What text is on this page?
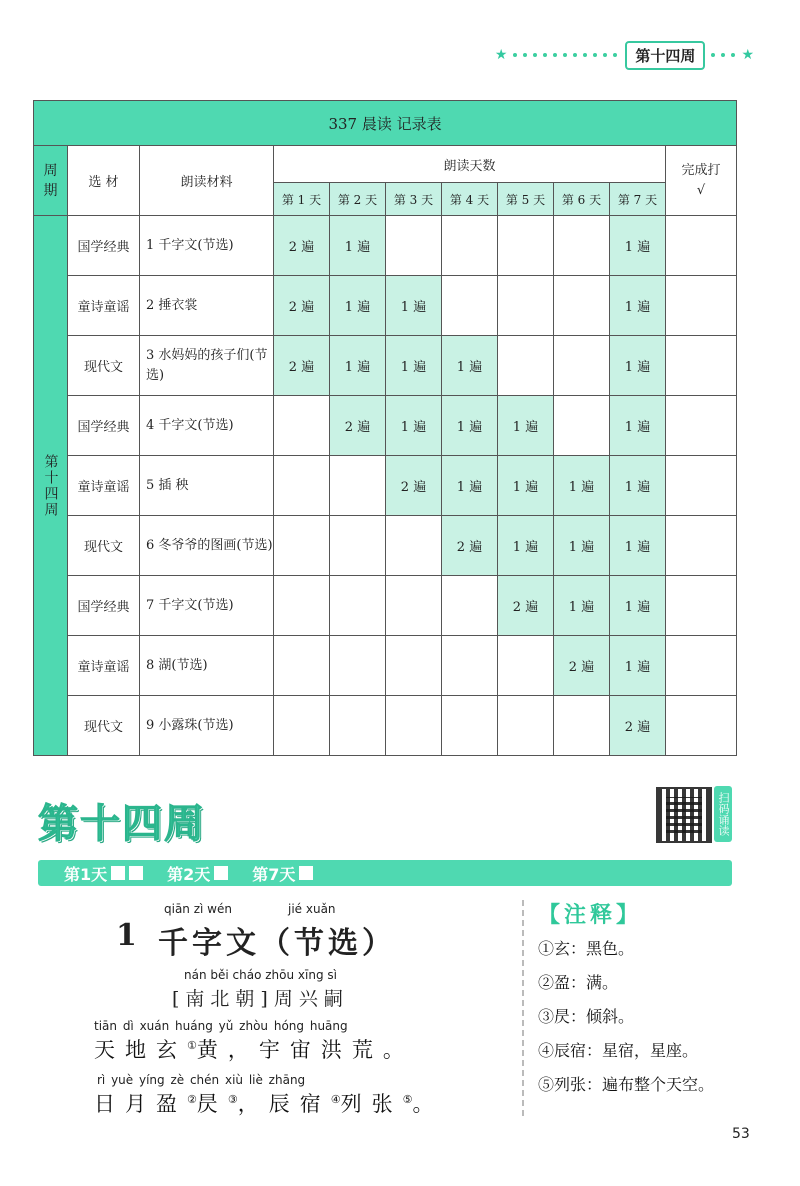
★	第十四周	★
337 晨读 记录表										

周期	选 材	朗读材料	朗读天数							完成打√

			第 1 天	第 2 天	第 3 天	第 4 天	第 5 天	第 6 天	第 7 天	

第十四周	国学经典	1 千字文(节选)	2 遍	1 遍					1 遍	
	童诗童谣	2 捶衣裳	2 遍	1 遍	1 遍				1 遍	
	现代文	3 水妈妈的孩子们(节选)	2 遍	1 遍	1 遍	1 遍			1 遍	
	国学经典	4 千字文(节选)		2 遍	1 遍	1 遍	1 遍		1 遍	
	童诗童谣	5 插 秧			2 遍	1 遍	1 遍	1 遍	1 遍	
	现代文	6 冬爷爷的图画(节选)				2 遍	1 遍	1 遍	1 遍	
	国学经典	7 千字文(节选)					2 遍	1 遍	1 遍	
	童诗童谣	8 湖(节选)						2 遍	1 遍	
	现代文	9 小露珠(节选)							2 遍	
第十四周	扫码诵读
第1天	第2天	第7天
1
qiān zì wén	jié xuǎn
千字文（节选）
nán běi cháo zhōu xīng sì
[南北朝]周兴嗣
tiān dì xuán huáng yǔ zhòu hóng huāng
天地玄①黄，宇宙洪荒。
rì yuè yíng zè chén xiù liè zhāng
日月盈②昃③，辰宿④列张⑤。
【注释】
①玄：黑色。
②盈：满。
③昃：倾斜。
④辰宿：星宿，星座。
⑤列张：遍布整个天空。
53
